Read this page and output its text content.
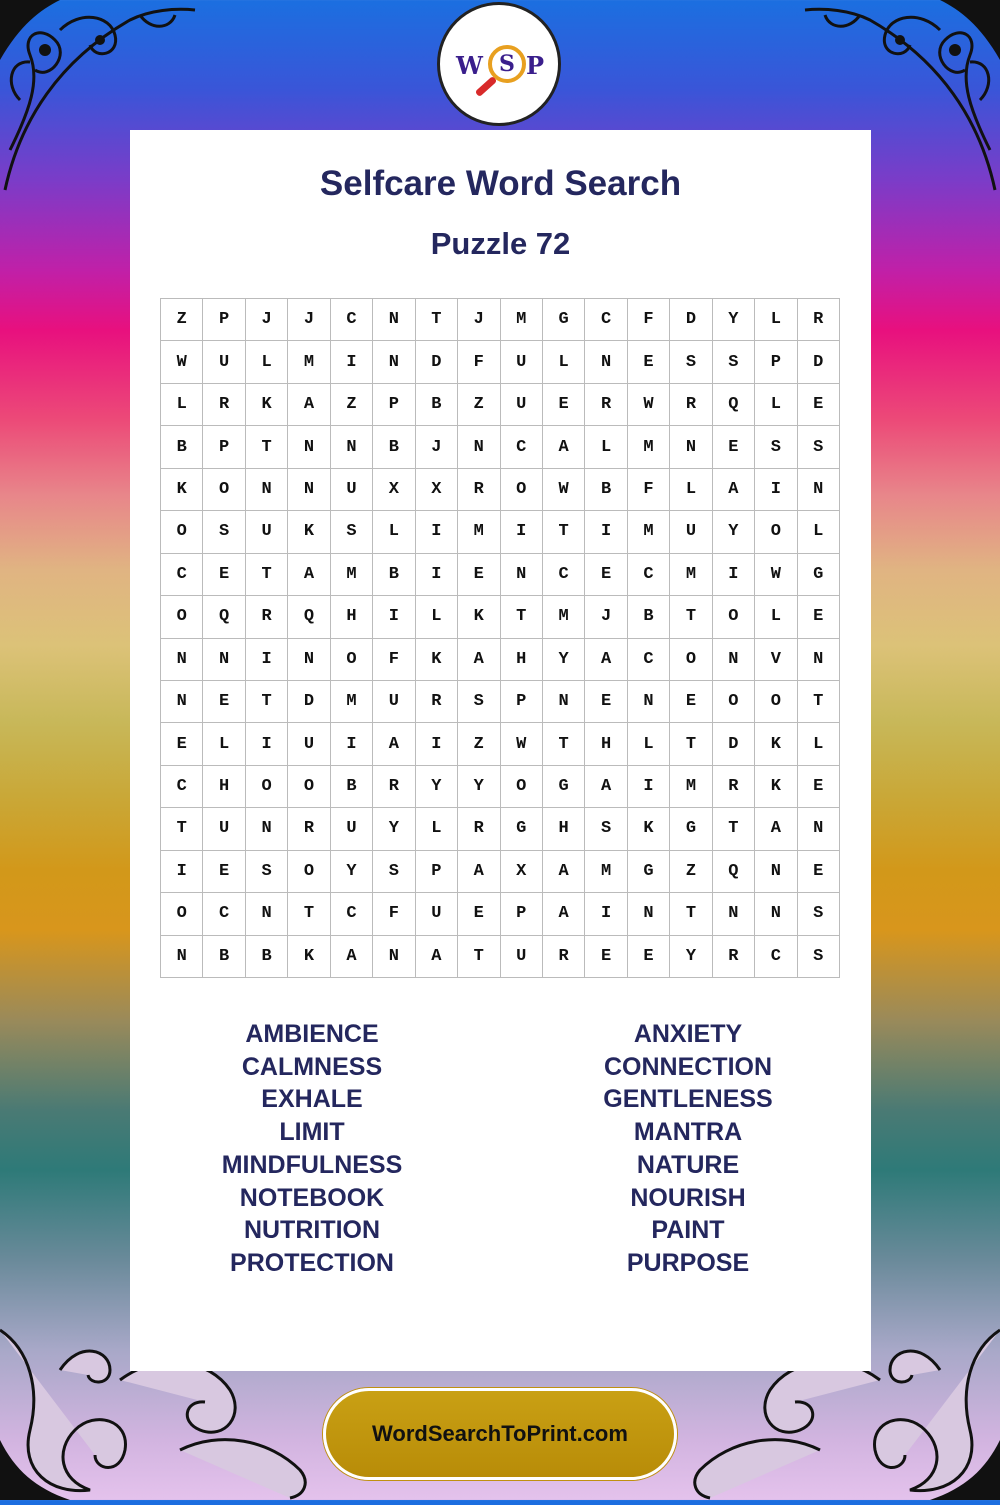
W S P
Selfcare Word Search
Puzzle 72
Z	P	J	J	C	N	T	J	M	G	C	F	D	Y	L	R
W	U	L	M	I	N	D	F	U	L	N	E	S	S	P	D
L	R	K	A	Z	P	B	Z	U	E	R	W	R	Q	L	E
B	P	T	N	N	B	J	N	C	A	L	M	N	E	S	S
K	O	N	N	U	X	X	R	O	W	B	F	L	A	I	N
O	S	U	K	S	L	I	M	I	T	I	M	U	Y	O	L
C	E	T	A	M	B	I	E	N	C	E	C	M	I	W	G
O	Q	R	Q	H	I	L	K	T	M	J	B	T	O	L	E
N	N	I	N	O	F	K	A	H	Y	A	C	O	N	V	N
N	E	T	D	M	U	R	S	P	N	E	N	E	O	O	T
E	L	I	U	I	A	I	Z	W	T	H	L	T	D	K	L
C	H	O	O	B	R	Y	Y	O	G	A	I	M	R	K	E
T	U	N	R	U	Y	L	R	G	H	S	K	G	T	A	N
I	E	S	O	Y	S	P	A	X	A	M	G	Z	Q	N	E
O	C	N	T	C	F	U	E	P	A	I	N	T	N	N	S
N	B	B	K	A	N	A	T	U	R	E	E	Y	R	C	S
AMBIENCE
CALMNESS
EXHALE
LIMIT
MINDFULNESS
NOTEBOOK
NUTRITION
PROTECTION
ANXIETY
CONNECTION
GENTLENESS
MANTRA
NATURE
NOURISH
PAINT
PURPOSE
WordSearchToPrint.com
